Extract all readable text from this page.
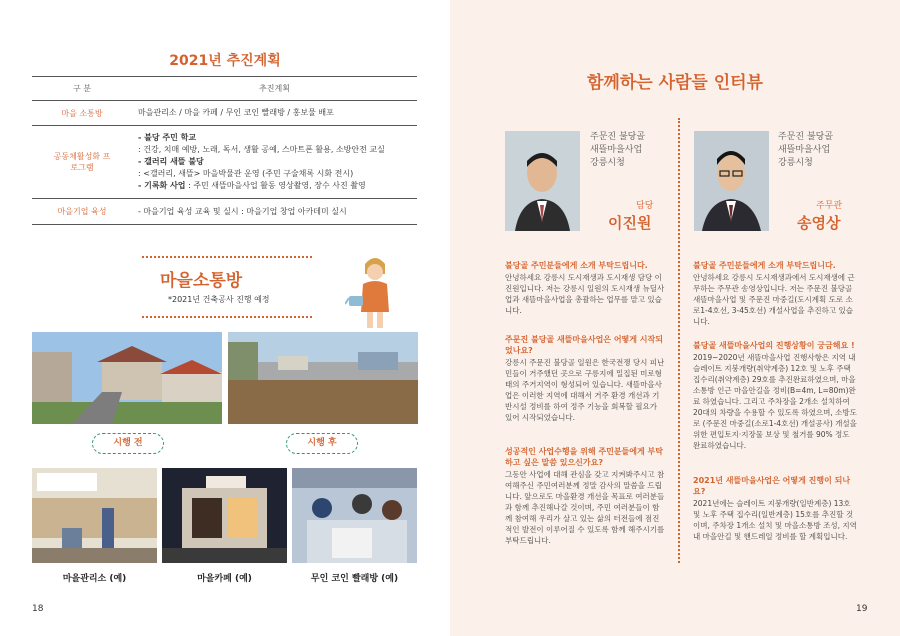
2021년 추진계획
구 분	추진계획
마을 소통방	마을관리소 / 마을 카페 / 무인 코인 빨래방 / 홍보물 배포
공동체활성화 프로그램	- 불당 주민 학교
: 건강, 치매 예방, 노래, 독서, 생활 공예, 스마트폰 활용, 소방안전 교실
- 갤러리 새뜰 불당
: <갤러리, 새뜰> 마을박물관 운영 (주민 구술채록 시화 전시)
- 기록화 사업 : 주민 새뜰마을사업 활동 영상촬영, 장수 사진 촬영

마을기업 육성	- 마을기업 육성 교육 및 실시 : 마을기업 창업 아카데미 실시
마을소통방
*2021년 건축공사 진행 예정
시행 전	시행 후
마을관리소 (예)	마을카페 (예)	무인 코인 빨래방 (예)
18
함께하는 사람들 인터뷰
주문진 불당골
새뜰마을사업
강릉시청
담당
이진원
불당골 주민분들에게 소개 부탁드립니다.
안녕하세요 강릉시 도시재생과 도시재생 담당 이진원입니다. 저는 강릉시 일원의 도시재생 뉴딜사업과 새뜰마을사업을 총괄하는 업무를 맡고 있습니다.
주문진 불당골 새뜰마을사업은 어떻게 시작되었나요?
강릉시 주문진 불당골 일원은 한국전쟁 당시 피난민들이 거주했던 곳으로 구릉지에 밀집된 미로형태의 주거지역이 형성되어 있습니다. 새뜰마을사업은 이러한 지역에 대해서 거주 환경 개선과 기반시설 정비를 하여 정주 기능을 회복할 필요가 있어 시작되었습니다.
성공적인 사업수행을 위해 주민분들에게 부탁하고 싶은 말씀 있으신가요?
그동안 사업에 대해 관심을 갖고 지켜봐주시고 참여해주신 주민여러분께 정말 감사의 말씀을 드립니다. 앞으로도 마을환경 개선을 목표로 여러분들과 함께 추진해나갈 것이며, 주민 여러분들이 함께 참여해 우리가 살고 있는 삶의 터전들에 점진적인 발전이 이루어질 수 있도록 함께 해주시기를 부탁드립니다.
주문진 불당골
새뜰마을사업
강릉시청
주무관
송영상
불당골 주민분들에게 소개 부탁드립니다.
안녕하세요 강릉시 도시재생과에서 도시재생에 근무하는 주무관 송영상입니다. 저는 주문진 불당골 새뜰마을사업 및 주문진 마중길(도시계획 도로 소로1-4호선, 3-45호선) 개설사업을 추진하고 있습니다.
불당골 새뜰마을사업의 진행상황이 궁금해요 !
2019~2020년 새뜰마을사업 진행사항은 지역 내 슬레이트 지붕개량(취약계층) 12호 및 노후 주택 집수리(취약계층) 29호를 추진완료하였으며, 마을 소통방 인근 마을안길을 정비(B=4m, L=80m)완료 하였습니다. 그리고 주차장을 2개소 설치하여 20대의 차량을 수용할 수 있도록 하였으며, 소방도로 (주문진 마중길(소로1-4호선) 개설공사) 개설을 위한 편입토지·지장물 보상 및 철거를 90% 정도 완료하였습니다.
2021년 새뜰마을사업은 어떻게 진행이 되나요?
2021년에는 슬레이트 지붕개량(일반계층) 13호 및 노후 주택 집수리(일반계층) 15호를 추진할 것이며, 주차장 1개소 설치 및 마을소통방 조성, 지역 내 마을안길 및 핸드레일 정비를 할 계획입니다.
19
